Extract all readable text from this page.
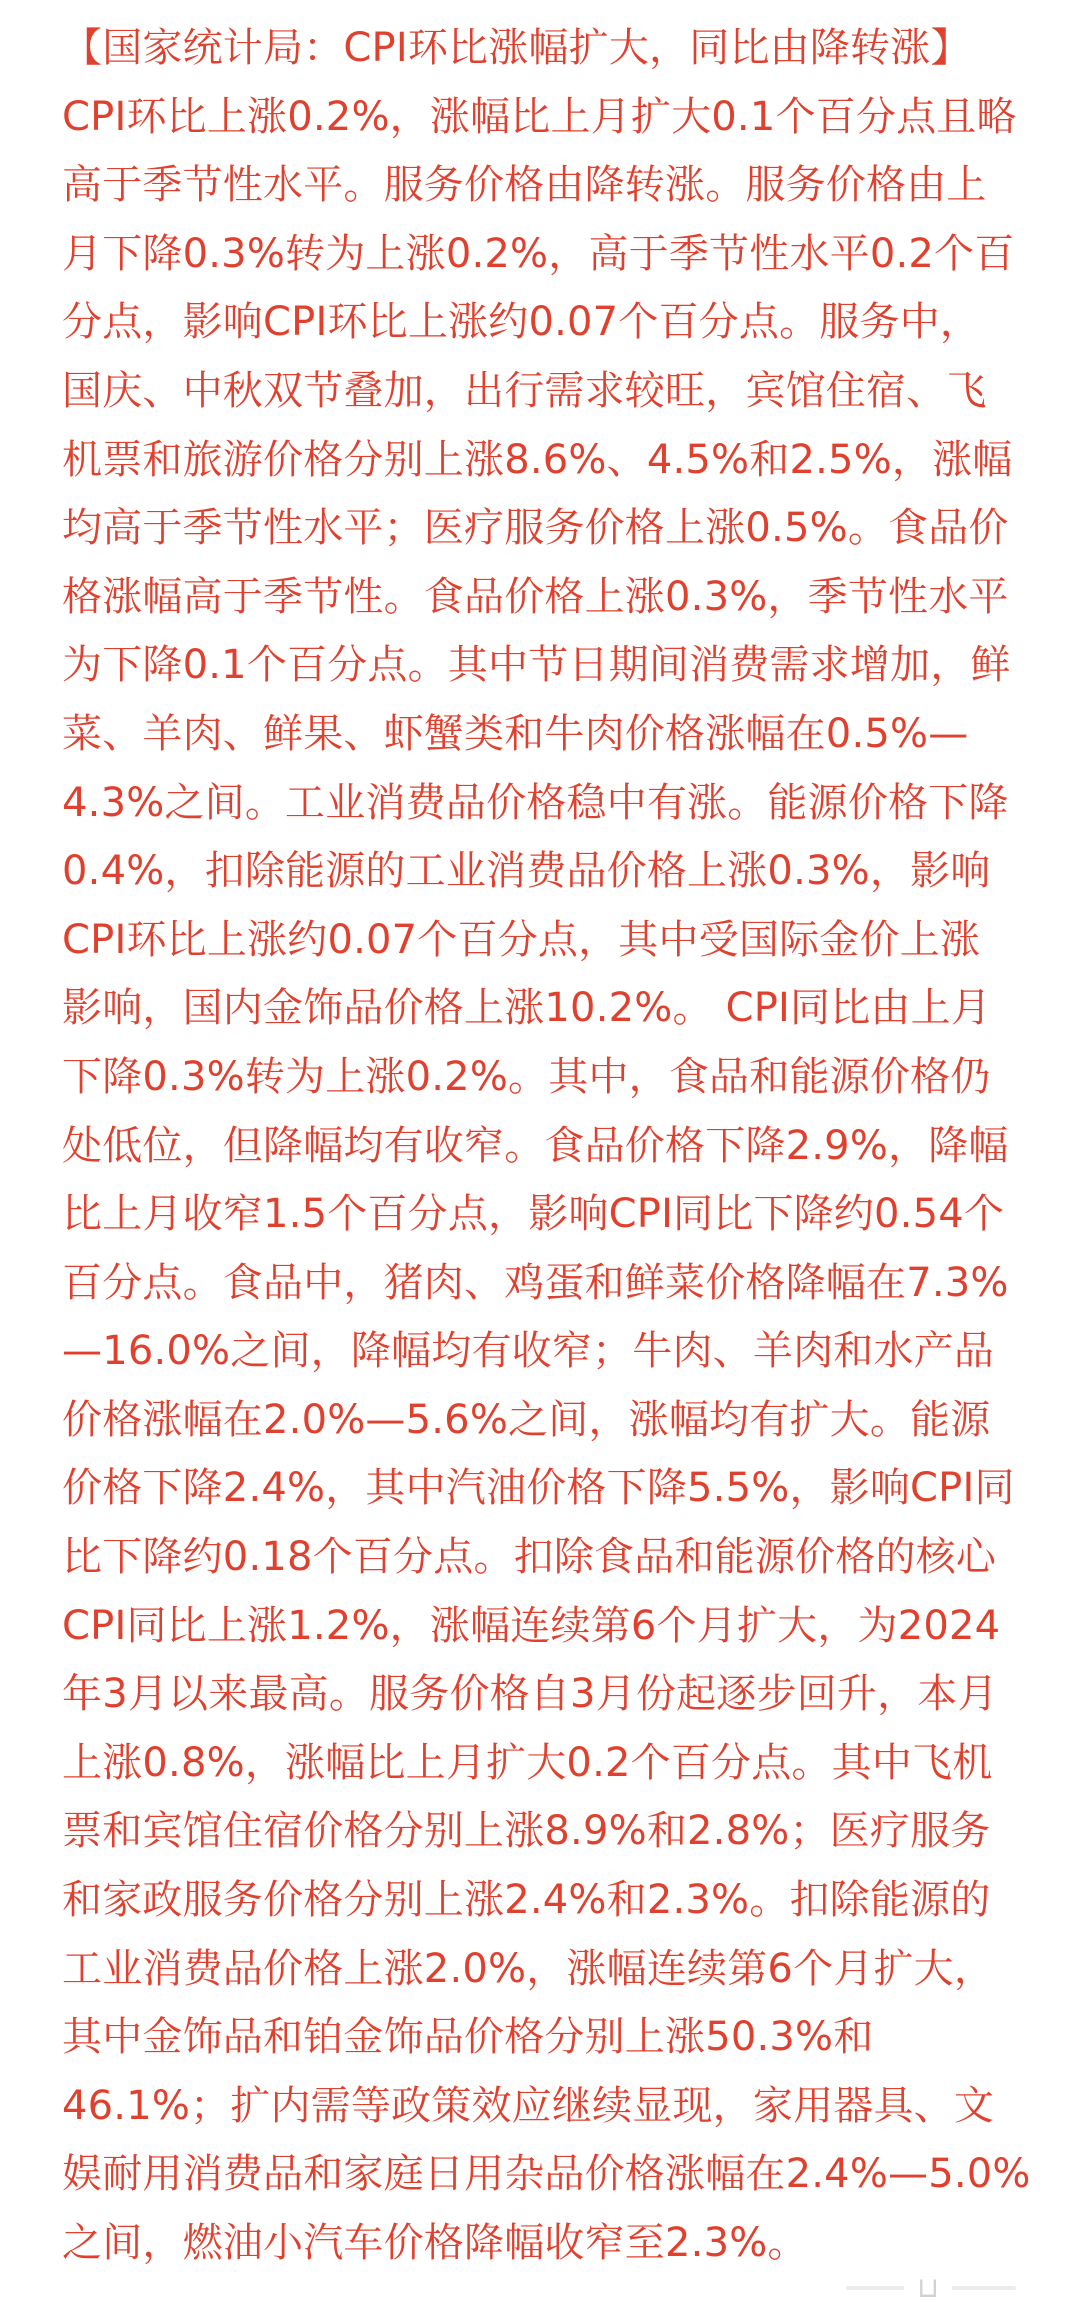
【国家统计局：CPI环比涨幅扩大，同比由降转涨】
CPI环比上涨0.2%，涨幅比上月扩大0.1个百分点且略
高于季节性水平。服务价格由降转涨。服务价格由上
月下降0.3%转为上涨0.2%，高于季节性水平0.2个百
分点，影响CPI环比上涨约0.07个百分点。服务中，
国庆、中秋双节叠加，出行需求较旺，宾馆住宿、飞
机票和旅游价格分别上涨8.6%、4.5%和2.5%，涨幅
均高于季节性水平；医疗服务价格上涨0.5%。食品价
格涨幅高于季节性。食品价格上涨0.3%，季节性水平
为下降0.1个百分点。其中节日期间消费需求增加，鲜
菜、羊肉、鲜果、虾蟹类和牛肉价格涨幅在0.5%—
4.3%之间。工业消费品价格稳中有涨。能源价格下降
0.4%，扣除能源的工业消费品价格上涨0.3%，影响
CPI环比上涨约0.07个百分点，其中受国际金价上涨
影响，国内金饰品价格上涨10.2%。 CPI同比由上月
下降0.3%转为上涨0.2%。其中，食品和能源价格仍
处低位，但降幅均有收窄。食品价格下降2.9%，降幅
比上月收窄1.5个百分点，影响CPI同比下降约0.54个
百分点。食品中，猪肉、鸡蛋和鲜菜价格降幅在7.3%
—16.0%之间，降幅均有收窄；牛肉、羊肉和水产品
价格涨幅在2.0%—5.6%之间，涨幅均有扩大。能源
价格下降2.4%，其中汽油价格下降5.5%，影响CPI同
比下降约0.18个百分点。扣除食品和能源价格的核心
CPI同比上涨1.2%，涨幅连续第6个月扩大，为2024
年3月以来最高。服务价格自3月份起逐步回升，本月
上涨0.8%，涨幅比上月扩大0.2个百分点。其中飞机
票和宾馆住宿价格分别上涨8.9%和2.8%；医疗服务
和家政服务价格分别上涨2.4%和2.3%。扣除能源的
工业消费品价格上涨2.0%，涨幅连续第6个月扩大，
其中金饰品和铂金饰品价格分别上涨50.3%和
46.1%；扩内需等政策效应继续显现，家用器具、文
娱耐用消费品和家庭日用杂品价格涨幅在2.4%—5.0%
之间，燃油小汽车价格降幅收窄至2.3%。
⊔
